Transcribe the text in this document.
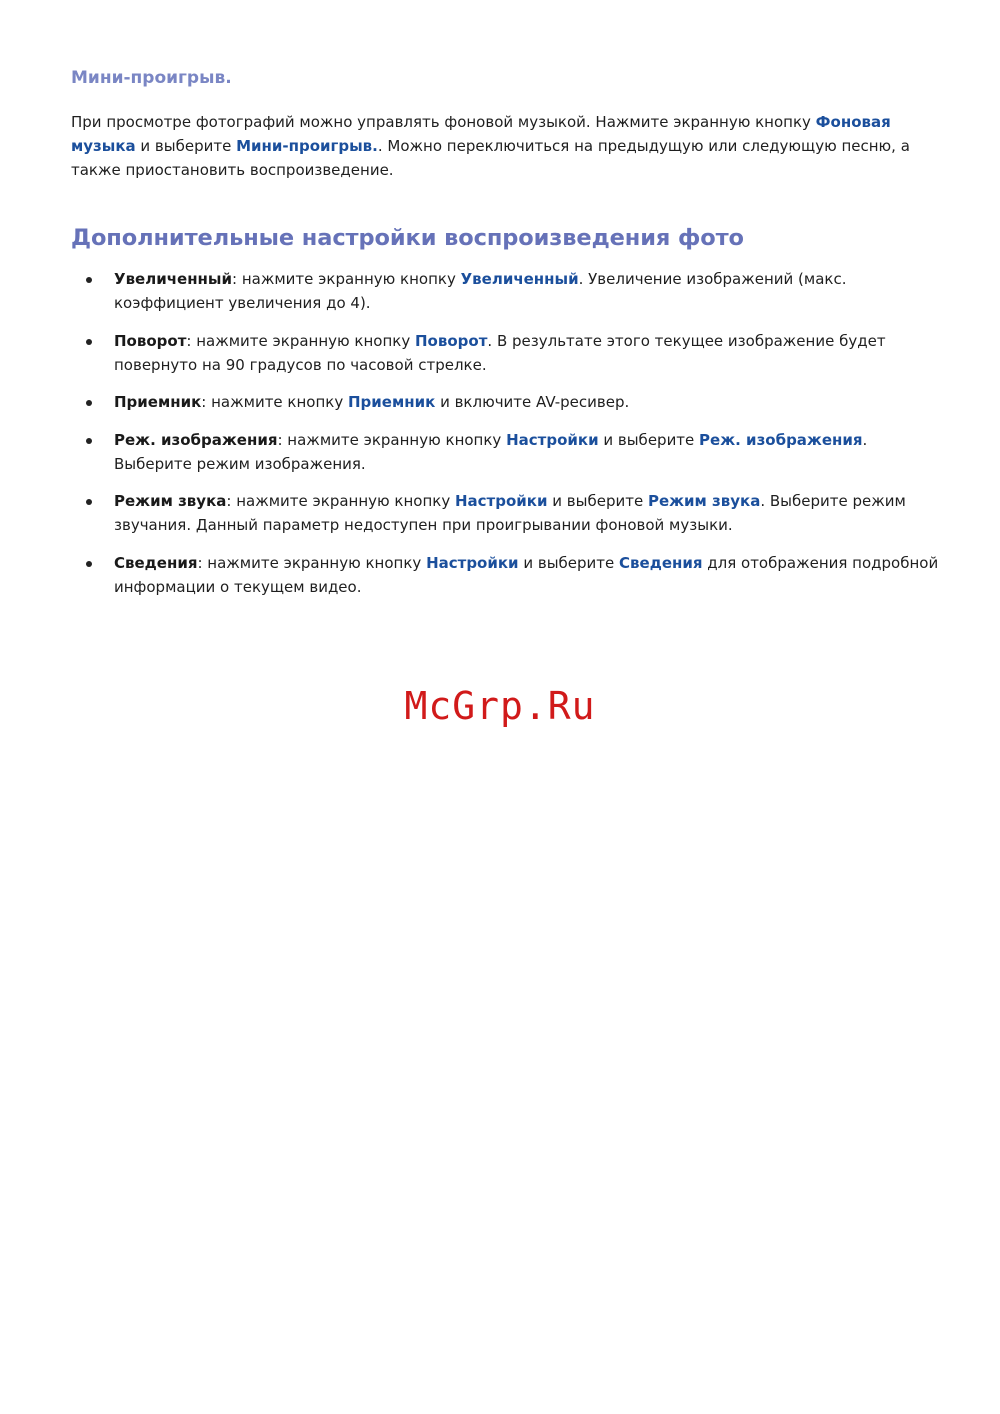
Мини-проигрыв.

При просмотре фотографий можно управлять фоновой музыкой. Нажмите экранную кнопку Фоновая музыка и выберите Мини-проигрыв.. Можно переключиться на предыдущую или следующую песню, а также приостановить воспроизведение.

Дополнительные настройки воспроизведения фото
Увеличенный: нажмите экранную кнопку Увеличенный. Увеличение изображений (макс. коэффициент увеличения до 4).
Поворот: нажмите экранную кнопку Поворот. В результате этого текущее изображение будет повернуто на 90 градусов по часовой стрелке.
Приемник: нажмите кнопку Приемник и включите AV-ресивер.
Реж. изображения: нажмите экранную кнопку Настройки и выберите Реж. изображения. Выберите режим изображения.
Режим звука: нажмите экранную кнопку Настройки и выберите Режим звука. Выберите режим звучания. Данный параметр недоступен при проигрывании фоновой музыки.
Сведения: нажмите экранную кнопку Настройки и выберите Сведения для отображения подробной информации о текущем видео.
McGrp.Ru
